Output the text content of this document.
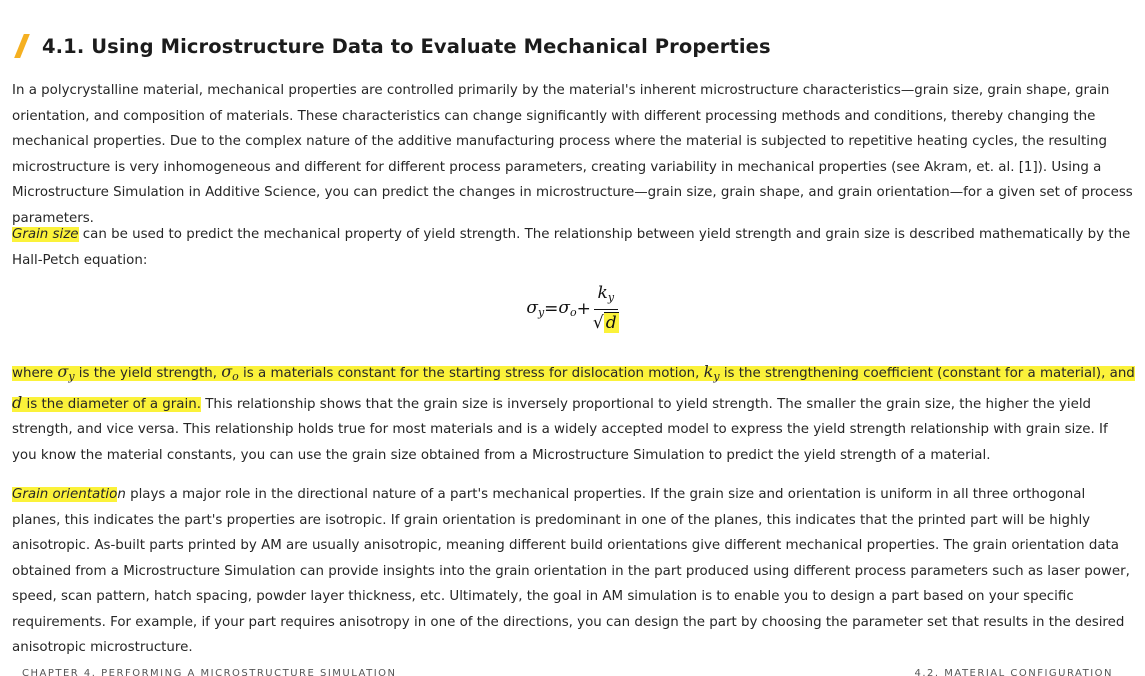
4.1. Using Microstructure Data to Evaluate Mechanical Properties

In a polycrystalline material, mechanical properties are controlled primarily by the material's inherent microstructure characteristics—grain size, grain shape, grain orientation, and composition of materials. These characteristics can change significantly with different processing methods and conditions, thereby changing the mechanical properties. Due to the complex nature of the additive manufacturing process where the material is subjected to repetitive heating cycles, the resulting microstructure is very inhomogeneous and different for different process parameters, creating variability in mechanical properties (see Akram, et. al. [1]). Using a Microstructure Simulation in Additive Science, you can predict the changes in microstructure—grain size, grain shape, and grain orientation—for a given set of process parameters.

Grain size can be used to predict the mechanical property of yield strength. The relationship between yield strength and grain size is described mathematically by the Hall-Petch equation:

$\sigma_y = \sigma_o + \frac{k_y}{√ d}$

where $\sigma_y$ is the yield strength, $\sigma_o$ is a materials constant for the starting stress for dislocation motion, $k_y$ is the strengthening coefficient (constant for a material), and d is the diameter of a grain. This relationship shows that the grain size is inversely proportional to yield strength. The smaller the grain size, the higher the yield strength, and vice versa. This relationship holds true for most materials and is a widely accepted model to express the yield strength relationship with grain size. If you know the material constants, you can use the grain size obtained from a Microstructure Simulation to predict the yield strength of a material.

Grain orientation plays a major role in the directional nature of a part's mechanical properties. If the grain size and orientation is uniform in all three orthogonal planes, this indicates the part's properties are isotropic. If grain orientation is predominant in one of the planes, this indicates that the printed part will be highly anisotropic. As-built parts printed by AM are usually anisotropic, meaning different build orientations give different mechanical properties. The grain orientation data obtained from a Microstructure Simulation can provide insights into the grain orientation in the part produced using different process parameters such as laser power, speed, scan pattern, hatch spacing, powder layer thickness, etc. Ultimately, the goal in AM simulation is to enable you to design a part based on your specific requirements. For example, if your part requires anisotropy in one of the directions, you can design the part by choosing the parameter set that results in the desired anisotropic microstructure.

CHAPTER 4. PERFORMING A MICROSTRUCTURE SIMULATION	4.2. MATERIAL CONFIGURATION
